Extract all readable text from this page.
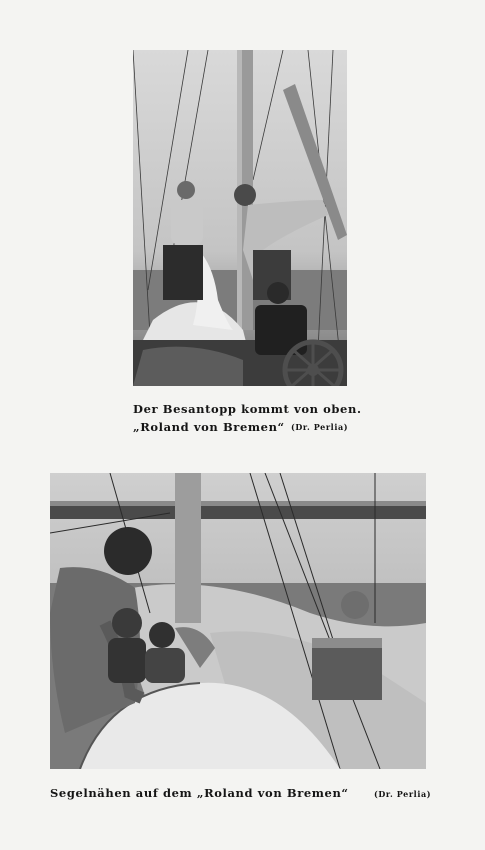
Der Besantopp kommt von oben.
„Roland von Bremen“ (Dr. Perlia)
Segelnähen auf dem „Roland von Bremen“	(Dr. Perlia)
